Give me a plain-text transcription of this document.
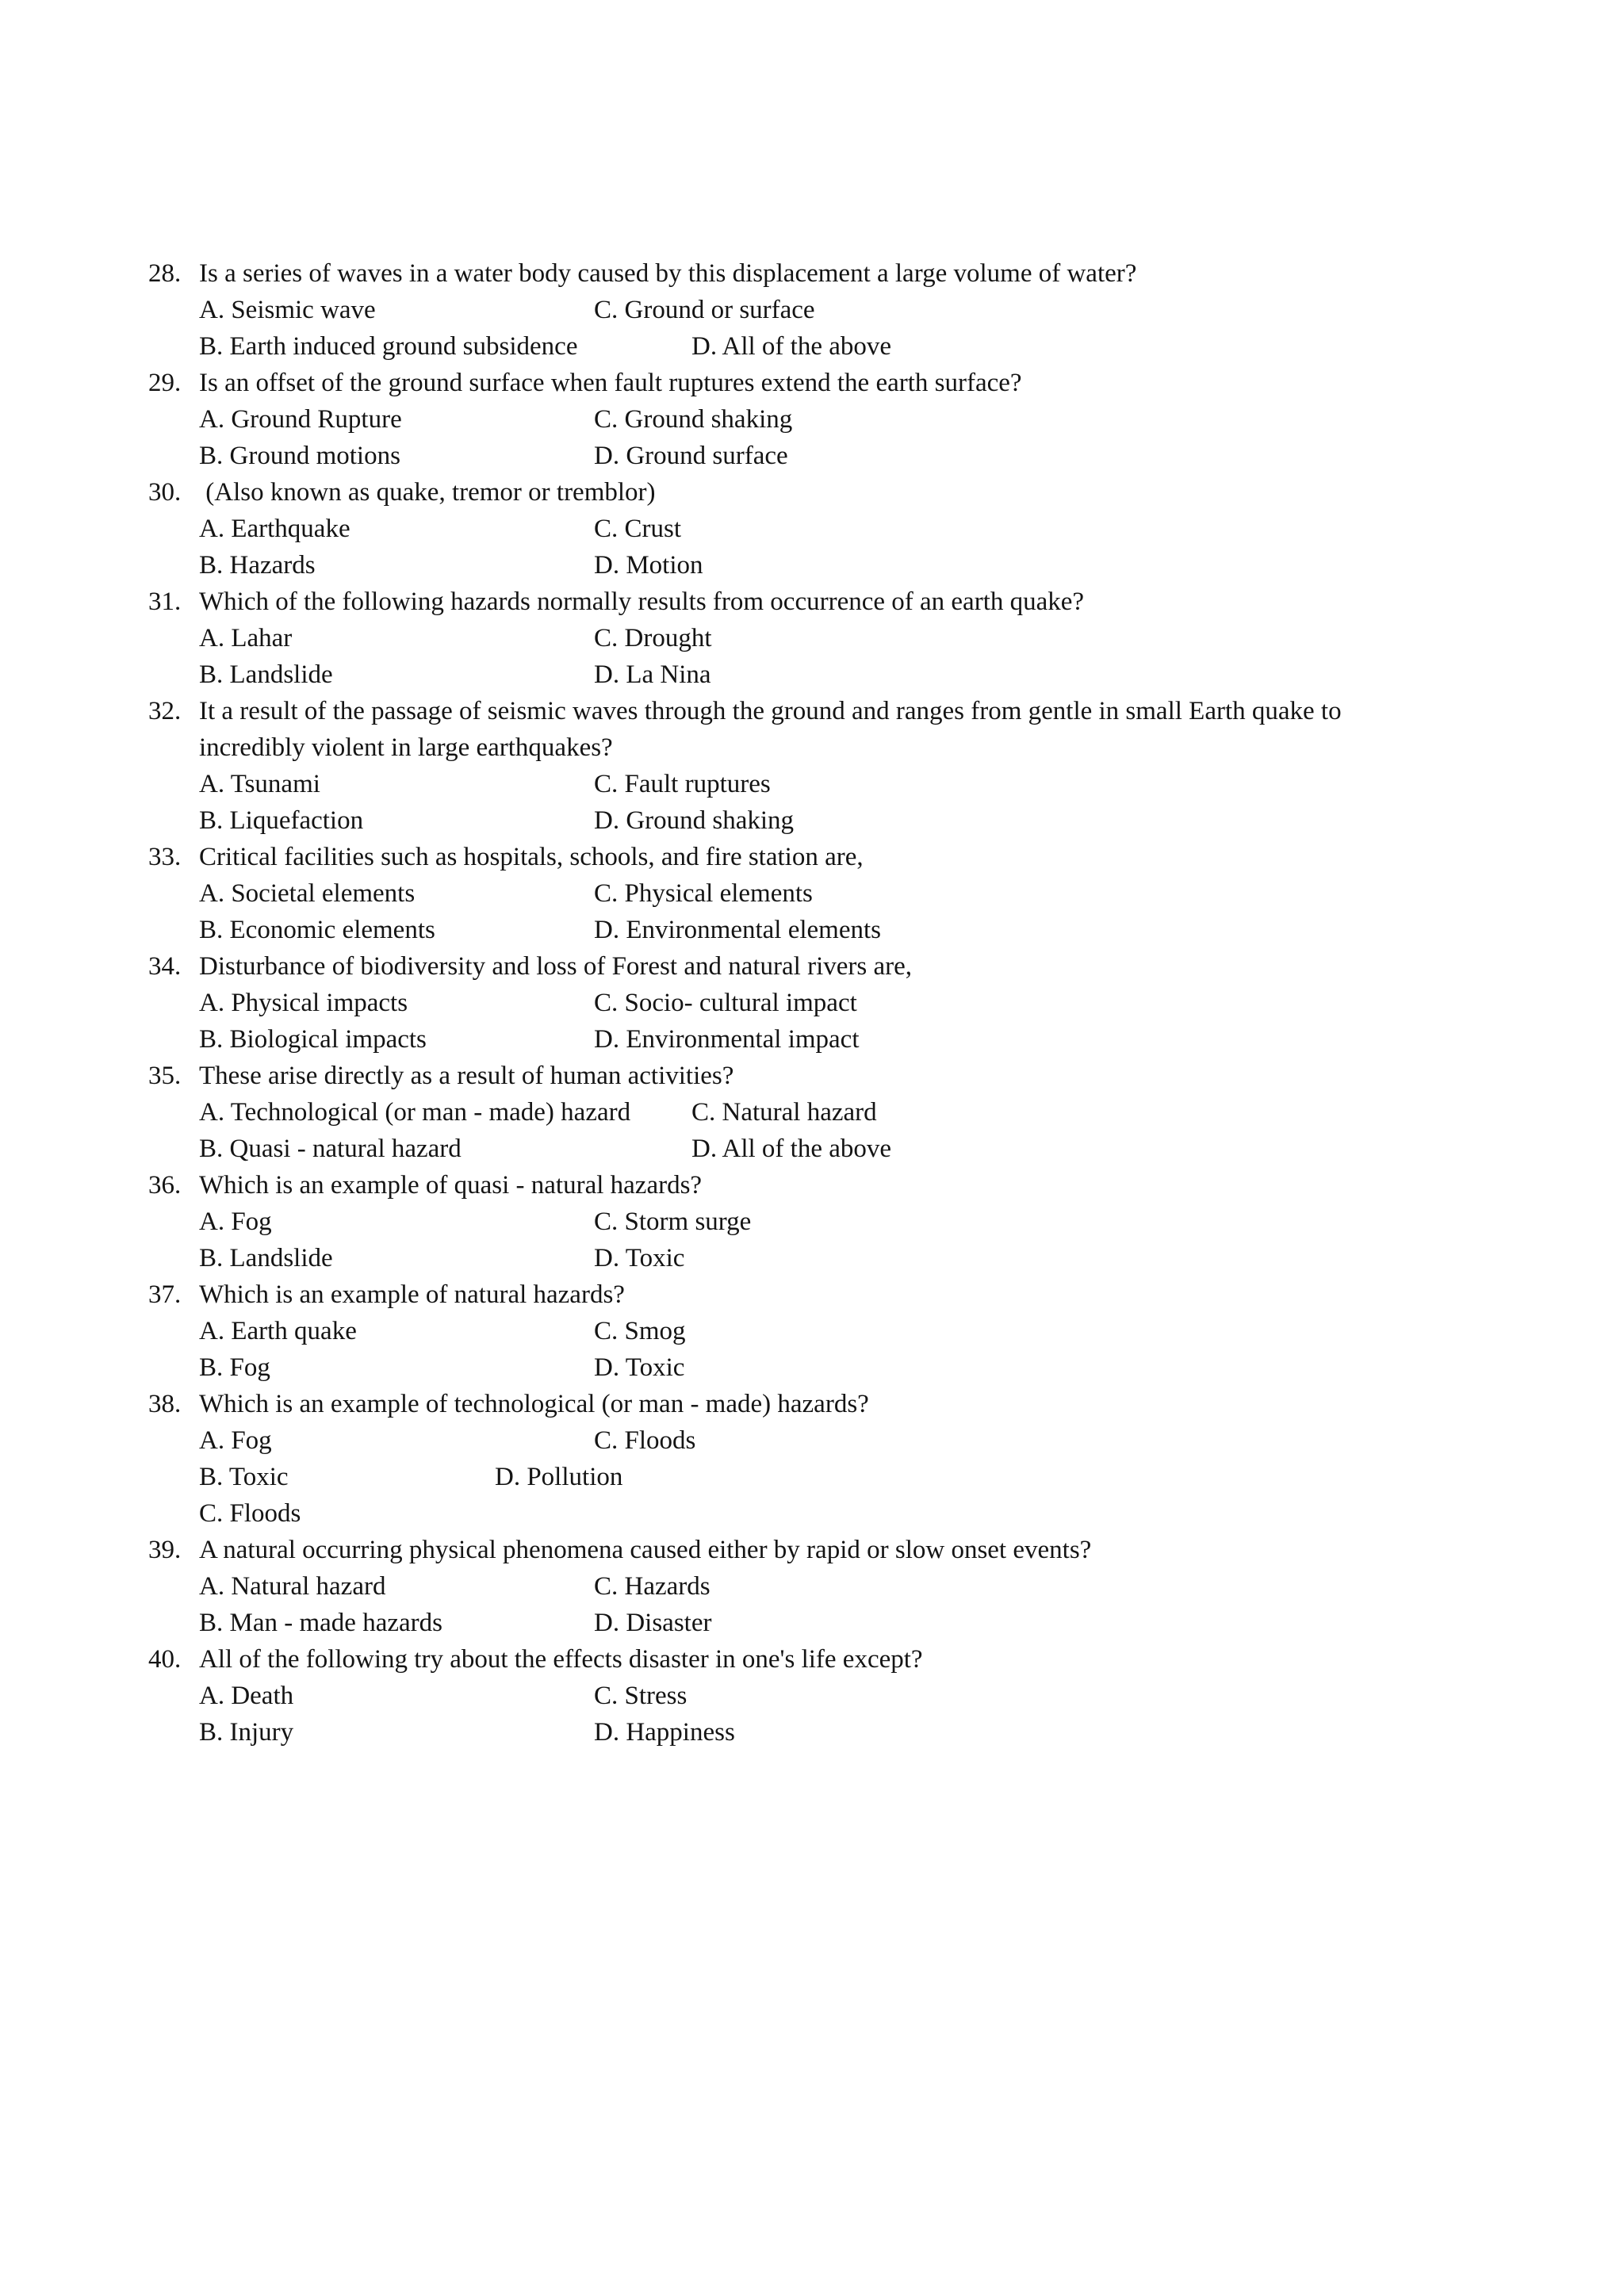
28. Is a series of waves in a water body caused by this displacement a large volume of water?
A. Seismic wave	C. Ground or surface
B. Earth induced ground subsidence	D. All of the above
29. Is an offset of the ground surface when fault ruptures extend the earth surface?
A. Ground Rupture	C. Ground shaking
B. Ground motions	D. Ground surface
30. (Also known as quake, tremor or tremblor)
A. Earthquake	C. Crust
B. Hazards	D. Motion
31. Which of the following hazards normally results from occurrence of an earth quake?
A. Lahar	C. Drought
B. Landslide	D. La Nina
32. It a result of the passage of seismic waves through the ground and ranges from gentle in small Earth quake to
incredibly violent in large earthquakes?
A. Tsunami	C. Fault ruptures
B. Liquefaction	D. Ground shaking
33. Critical facilities such as hospitals, schools, and fire station are,
A. Societal elements	C. Physical elements
B. Economic elements	D. Environmental elements
34. Disturbance of biodiversity and loss of Forest and natural rivers are,
A. Physical impacts	C. Socio- cultural impact
B. Biological impacts	D. Environmental impact
35. These arise directly as a result of human activities?
A. Technological (or man - made) hazard C. Natural hazard
B. Quasi - natural hazard	D. All of the above
36. Which is an example of quasi - natural hazards?
A. Fog	C. Storm surge
B. Landslide	D. Toxic
37. Which is an example of natural hazards?
A. Earth quake	C. Smog
B. Fog	D. Toxic
38. Which is an example of technological (or man - made) hazards?
A. Fog	C. Floods
B. Toxic	D. Pollution
C. Floods
39. A natural occurring physical phenomena caused either by rapid or slow onset events?
A. Natural hazard	C. Hazards
B. Man - made hazards	D. Disaster
40. All of the following try about the effects disaster in one's life except?
A. Death	C. Stress
B. Injury	D. Happiness
